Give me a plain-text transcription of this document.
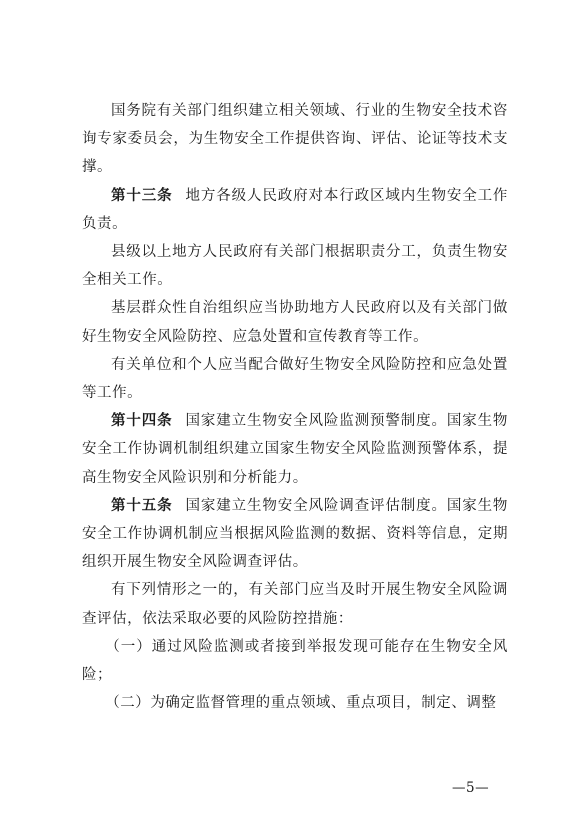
国务院有关部门组织建立相关领域、行业的生物安全技术咨询专家委员会，为生物安全工作提供咨询、评估、论证等技术支撑。

第十三条 地方各级人民政府对本行政区域内生物安全工作负责。

县级以上地方人民政府有关部门根据职责分工，负责生物安全相关工作。

基层群众性自治组织应当协助地方人民政府以及有关部门做好生物安全风险防控、应急处置和宣传教育等工作。

有关单位和个人应当配合做好生物安全风险防控和应急处置等工作。

第十四条 国家建立生物安全风险监测预警制度。国家生物安全工作协调机制组织建立国家生物安全风险监测预警体系，提高生物安全风险识别和分析能力。

第十五条 国家建立生物安全风险调查评估制度。国家生物安全工作协调机制应当根据风险监测的数据、资料等信息，定期组织开展生物安全风险调查评估。

有下列情形之一的，有关部门应当及时开展生物安全风险调查评估，依法采取必要的风险防控措施：

（一）通过风险监测或者接到举报发现可能存在生物安全风险；

（二）为确定监督管理的重点领域、重点项目，制定、调整

—5—
